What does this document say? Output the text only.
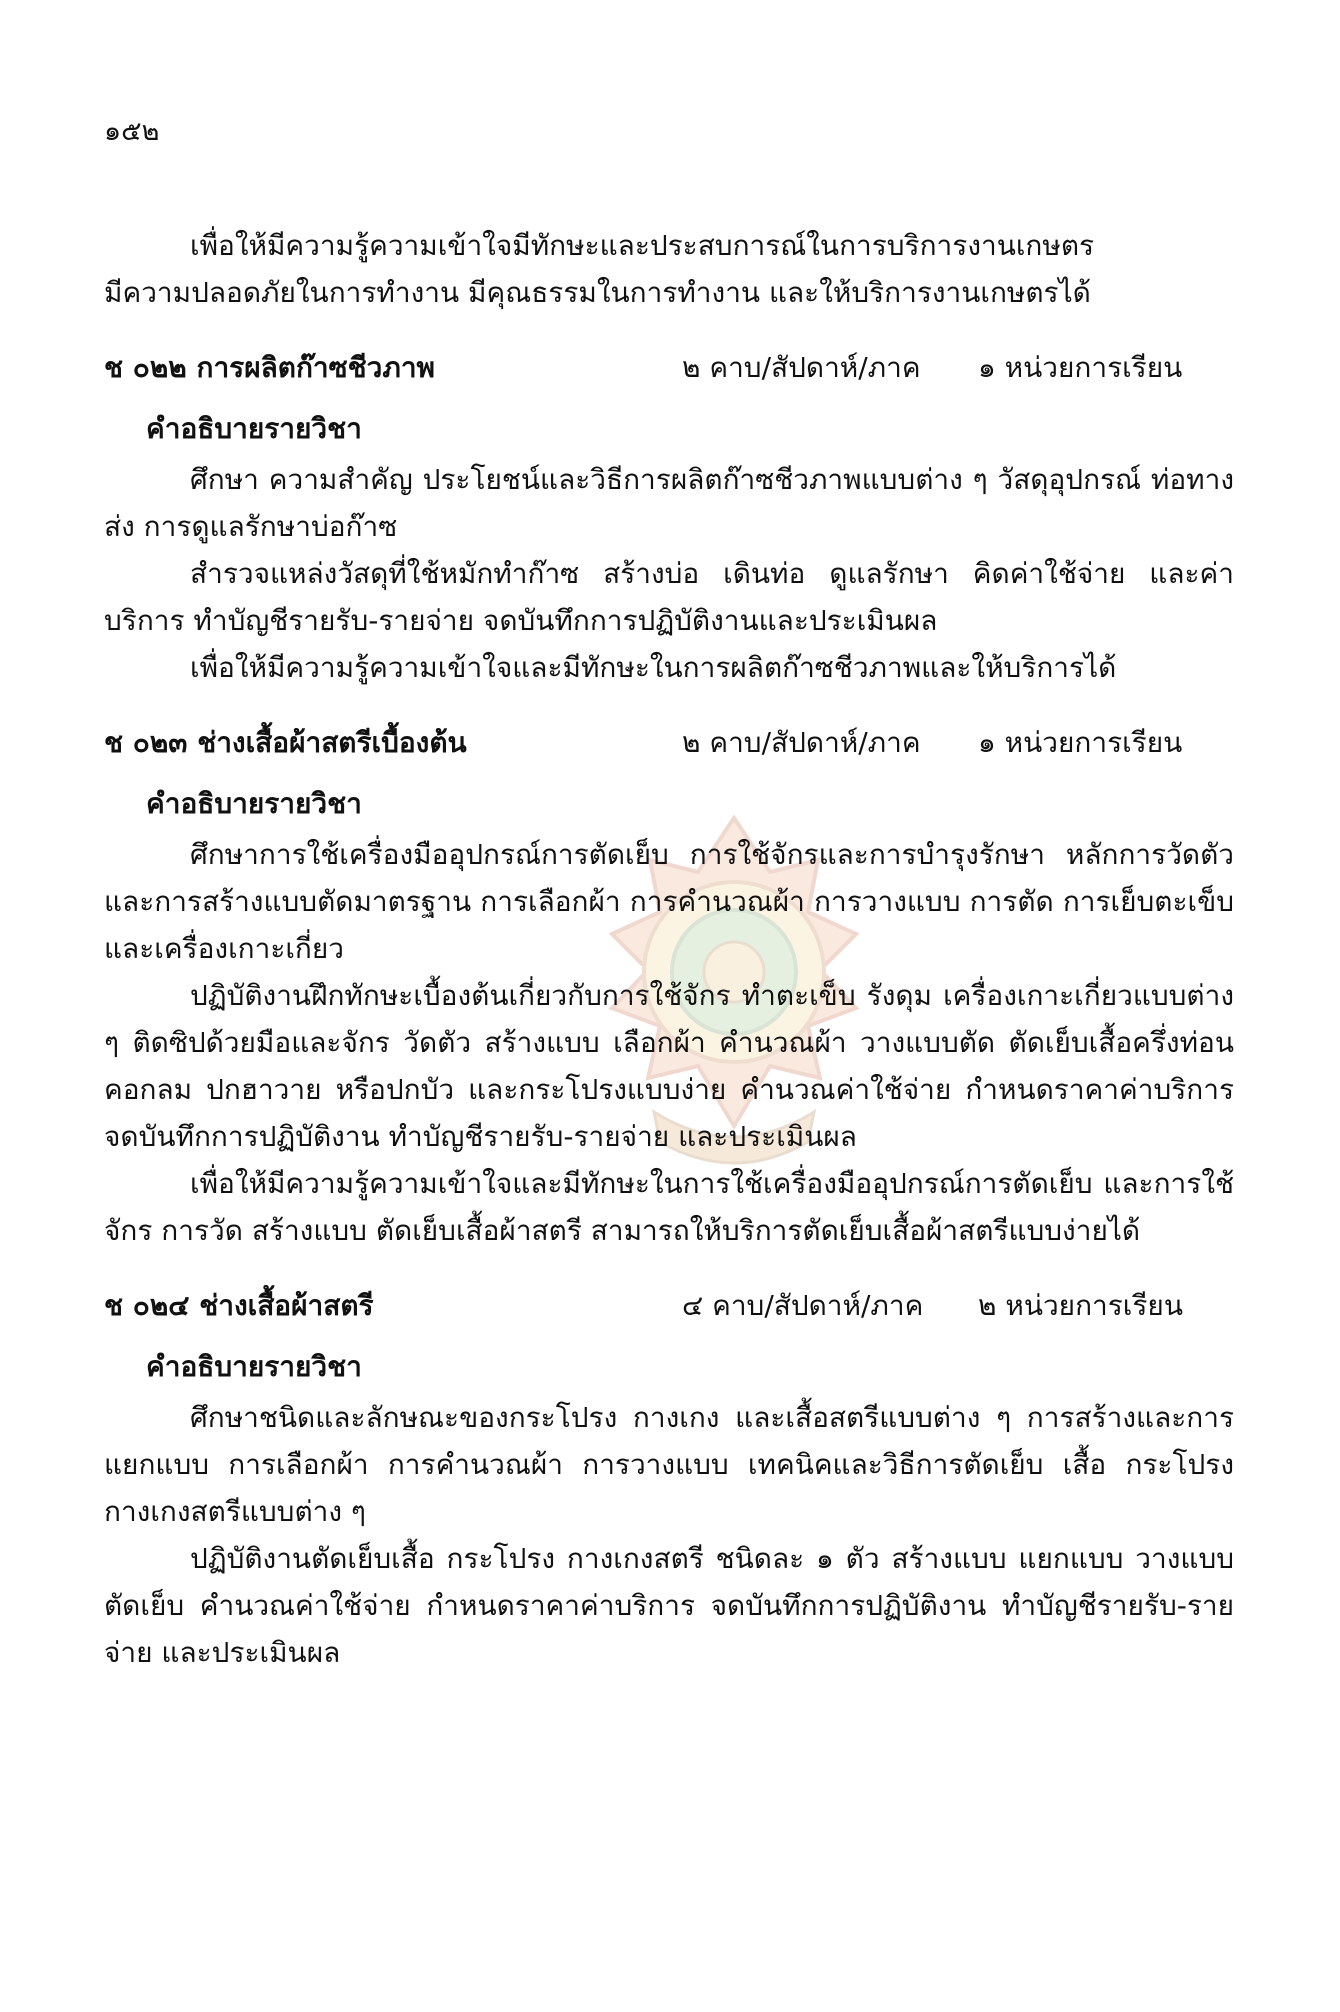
๑๕๒

เพื่อให้มีความรู้ความเข้าใจมีทักษะและประสบการณ์ในการบริการงานเกษตร

มีความปลอดภัยในการทำงาน มีคุณธรรมในการทำงาน และให้บริการงานเกษตรได้

ช ๐๒๒ การผลิตก๊าซชีวภาพ	๒ คาบ/สัปดาห์/ภาค	๑ หน่วยการเรียน
คำอธิบายรายวิชา

ศึกษา ความสำคัญ ประโยชน์และวิธีการผลิตก๊าซชีวภาพแบบต่าง ๆ วัสดุอุปกรณ์ ท่อทางส่ง การดูแลรักษาบ่อก๊าซ

สำรวจแหล่งวัสดุที่ใช้หมักทำก๊าซ สร้างบ่อ เดินท่อ ดูแลรักษา คิดค่าใช้จ่าย และค่าบริการ ทำบัญชีรายรับ-รายจ่าย จดบันทึกการปฏิบัติงานและประเมินผล

เพื่อให้มีความรู้ความเข้าใจและมีทักษะในการผลิตก๊าซชีวภาพและให้บริการได้

ช ๐๒๓ ช่างเสื้อผ้าสตรีเบื้องต้น	๒ คาบ/สัปดาห์/ภาค	๑ หน่วยการเรียน
คำอธิบายรายวิชา

ศึกษาการใช้เครื่องมืออุปกรณ์การตัดเย็บ การใช้จักรและการบำรุงรักษา หลักการวัดตัวและการสร้างแบบตัดมาตรฐาน การเลือกผ้า การคำนวณผ้า การวางแบบ การตัด การเย็บตะเข็บและเครื่องเกาะเกี่ยว

ปฏิบัติงานฝึกทักษะเบื้องต้นเกี่ยวกับการใช้จักร ทำตะเข็บ รังดุม เครื่องเกาะเกี่ยวแบบต่าง ๆ ติดซิปด้วยมือและจักร วัดตัว สร้างแบบ เลือกผ้า คำนวณผ้า วางแบบตัด ตัดเย็บเสื้อครึ่งท่อน คอกลม ปกฮาวาย หรือปกบัว และกระโปรงแบบง่าย คำนวณค่าใช้จ่าย กำหนดราคาค่าบริการ จดบันทึกการปฏิบัติงาน ทำบัญชีรายรับ-รายจ่าย และประเมินผล

เพื่อให้มีความรู้ความเข้าใจและมีทักษะในการใช้เครื่องมืออุปกรณ์การตัดเย็บ และการใช้จักร การวัด สร้างแบบ ตัดเย็บเสื้อผ้าสตรี สามารถให้บริการตัดเย็บเสื้อผ้าสตรีแบบง่ายได้

ช ๐๒๔ ช่างเสื้อผ้าสตรี	๔ คาบ/สัปดาห์/ภาค	๒ หน่วยการเรียน
คำอธิบายรายวิชา

ศึกษาชนิดและลักษณะของกระโปรง กางเกง และเสื้อสตรีแบบต่าง ๆ การสร้างและการแยกแบบ การเลือกผ้า การคำนวณผ้า การวางแบบ เทคนิคและวิธีการตัดเย็บ เสื้อ กระโปรง กางเกงสตรีแบบต่าง ๆ

ปฏิบัติงานตัดเย็บเสื้อ กระโปรง กางเกงสตรี ชนิดละ ๑ ตัว สร้างแบบ แยกแบบ วางแบบ ตัดเย็บ คำนวณค่าใช้จ่าย กำหนดราคาค่าบริการ จดบันทึกการปฏิบัติงาน ทำบัญชีรายรับ-รายจ่าย และประเมินผล
